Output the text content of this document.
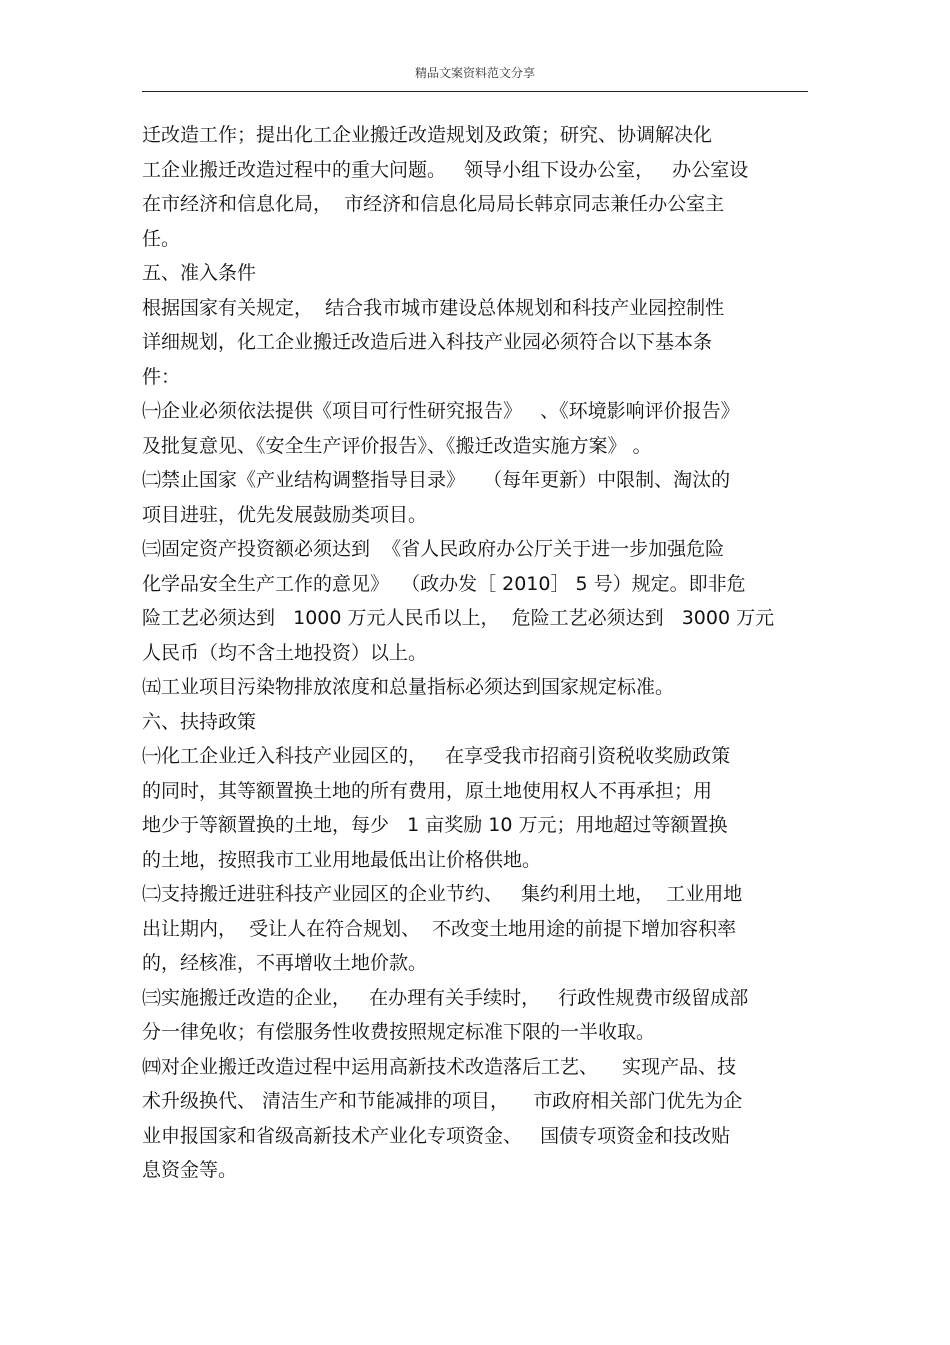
精品文案资料范文分享
迁改造工作；提出化工企业搬迁改造规划及政策；研究、协调解决化
工企业搬迁改造过程中的重大问题。   领导小组下设办公室，   办公室设
在市经济和信息化局，  市经济和信息化局局长韩京同志兼任办公室主
任。
五、准入条件
根据国家有关规定，  结合我市城市建设总体规划和科技产业园控制性
详细规划，化工企业搬迁改造后进入科技产业园必须符合以下基本条
件：
㈠企业必须依法提供《项目可行性研究报告》   、《环境影响评价报告》
及批复意见、《安全生产评价报告》、《搬迁改造实施方案》 。
㈡禁止国家《产业结构调整指导目录》   （每年更新）中限制、淘汰的
项目进驻，优先发展鼓励类项目。
㈢固定资产投资额必须达到  《省人民政府办公厅关于进一步加强危险
化学品安全生产工作的意见》  （政办发［ 2010］ 5 号）规定。即非危
险工艺必须达到   1000 万元人民币以上，  危险工艺必须达到   3000 万元
人民币（均不含土地投资）以上。
㈤工业项目污染物排放浓度和总量指标必须达到国家规定标准。
六、扶持政策
㈠化工企业迁入科技产业园区的，   在享受我市招商引资税收奖励政策
的同时，其等额置换土地的所有费用，原土地使用权人不再承担；用
地少于等额置换的土地，每少   1 亩奖励 10 万元；用地超过等额置换
的土地，按照我市工业用地最低出让价格供地。
㈡支持搬迁进驻科技产业园区的企业节约、   集约利用土地，  工业用地
出让期内，  受让人在符合规划、  不改变土地用途的前提下增加容积率
的，经核准，不再增收土地价款。
㈢实施搬迁改造的企业，   在办理有关手续时，   行政性规费市级留成部
分一律免收；有偿服务性收费按照规定标准下限的一半收取。
㈣对企业搬迁改造过程中运用高新技术改造落后工艺、    实现产品、技
术升级换代、 清洁生产和节能减排的项目，    市政府相关部门优先为企
业申报国家和省级高新技术产业化专项资金、   国债专项资金和技改贴
息资金等。
